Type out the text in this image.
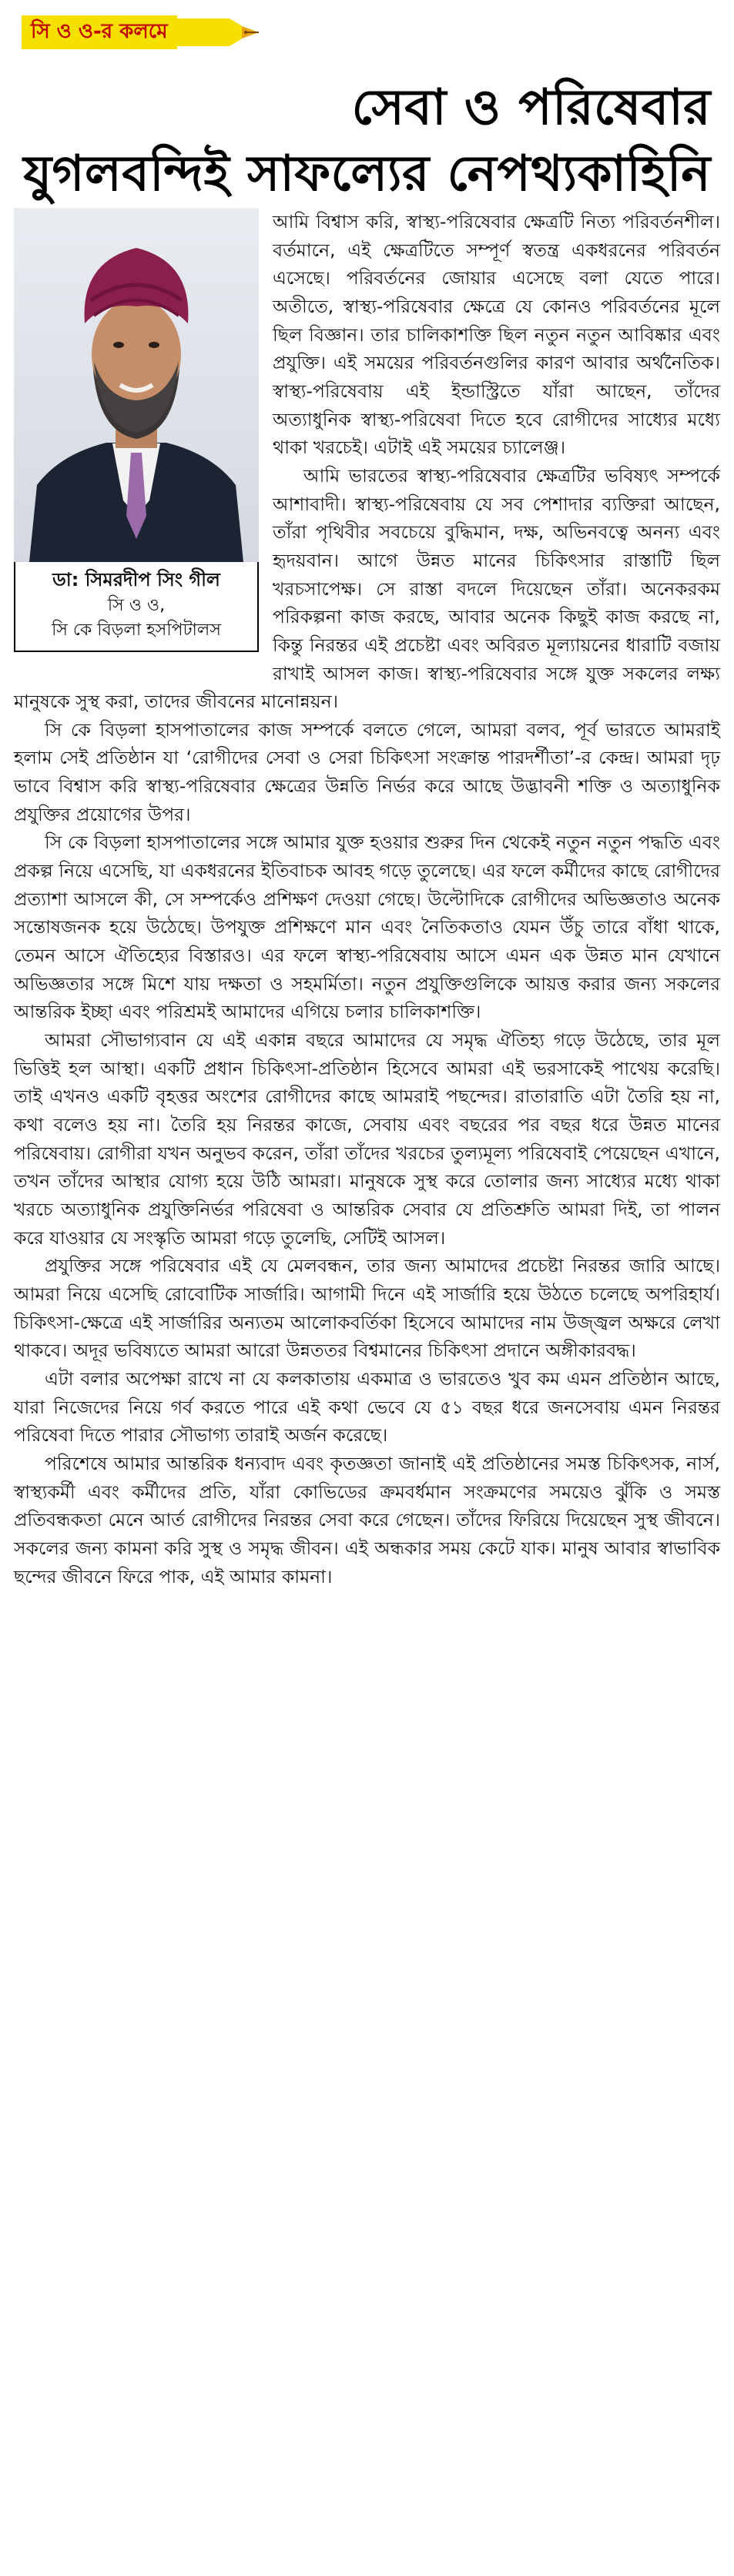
সি ও ও-র কলমে
সেবা ও পরিষেবার
যুগলবন্দিই সাফল্যের নেপথ্যকাহিনি
ডা: সিমরদীপ সিং গীল
সি ও ও,
সি কে বিড়লা হসপিটালস

আমি বিশ্বাস করি, স্বাস্থ্য-পরিষেবার ক্ষেত্রটি নিত্য পরিবর্তনশীল। বর্তমানে, এই ক্ষেত্রটিতে সম্পূর্ণ স্বতন্ত্র একধরনের পরিবর্তন এসেছে। পরিবর্তনের জোয়ার এসেছে বলা যেতে পারে। অতীতে, স্বাস্থ্য-পরিষেবার ক্ষেত্রে যে কোনও পরিবর্তনের মূলে ছিল বিজ্ঞান। তার চালিকাশক্তি ছিল নতুন নতুন আবিষ্কার এবং প্রযুক্তি। এই সময়ের পরিবর্তনগুলির কারণ আবার অর্থনৈতিক। স্বাস্থ্য-পরিষেবায় এই ইন্ডাস্ট্রিতে যাঁরা আছেন, তাঁদের অত্যাধুনিক স্বাস্থ্য-পরিষেবা দিতে হবে রোগীদের সাধ্যের মধ্যে থাকা খরচেই। এটাই এই সময়ের চ্যালেঞ্জ।

আমি ভারতের স্বাস্থ্য-পরিষেবার ক্ষেত্রটির ভবিষ্যৎ সম্পর্কে আশাবাদী। স্বাস্থ্য-পরিষেবায় যে সব পেশাদার ব্যক্তিরা আছেন, তাঁরা পৃথিবীর সবচেয়ে বুদ্ধিমান, দক্ষ, অভিনবত্বে অনন্য এবং হৃদয়বান। আগে উন্নত মানের চিকিৎসার রাস্তাটি ছিল খরচসাপেক্ষ। সে রাস্তা বদলে দিয়েছেন তাঁরা। অনেকরকম পরিকল্পনা কাজ করছে, আবার অনেক কিছুই কাজ করছে না, কিন্তু নিরন্তর এই প্রচেষ্টা এবং অবিরত মূল্যায়নের ধারাটি বজায় রাখাই আসল কাজ। স্বাস্থ্য-পরিষেবার সঙ্গে যুক্ত সকলের লক্ষ্য মানুষকে সুস্থ করা, তাদের জীবনের মানোন্নয়ন।

সি কে বিড়লা হাসপাতালের কাজ সম্পর্কে বলতে গেলে, আমরা বলব, পূর্ব ভারতে আমরাই হলাম সেই প্রতিষ্ঠান যা ‘রোগীদের সেবা ও সেরা চিকিৎসা সংক্রান্ত পারদর্শীতা’-র কেন্দ্র। আমরা দৃঢ় ভাবে বিশ্বাস করি স্বাস্থ্য-পরিষেবার ক্ষেত্রের উন্নতি নির্ভর করে আছে উদ্ভাবনী শক্তি ও অত্যাধুনিক প্রযুক্তির প্রয়োগের উপর।

সি কে বিড়লা হাসপাতালের সঙ্গে আমার যুক্ত হওয়ার শুরুর দিন থেকেই নতুন নতুন পদ্ধতি এবং প্রকল্প নিয়ে এসেছি, যা একধরনের ইতিবাচক আবহ গড়ে তুলেছে। এর ফলে কর্মীদের কাছে রোগীদের প্রত্যাশা আসলে কী, সে সম্পর্কেও প্রশিক্ষণ দেওয়া গেছে। উল্টোদিকে রোগীদের অভিজ্ঞতাও অনেক সন্তোষজনক হয়ে উঠেছে। উপযুক্ত প্রশিক্ষণে মান এবং নৈতিকতাও যেমন উঁচু তারে বাঁধা থাকে, তেমন আসে ঐতিহ্যের বিস্তারও। এর ফলে স্বাস্থ্য-পরিষেবায় আসে এমন এক উন্নত মান যেখানে অভিজ্ঞতার সঙ্গে মিশে যায় দক্ষতা ও সহমর্মিতা। নতুন প্রযুক্তিগুলিকে আয়ত্ত করার জন্য সকলের আন্তরিক ইচ্ছা এবং পরিশ্রমই আমাদের এগিয়ে চলার চালিকাশক্তি।

আমরা সৌভাগ্যবান যে এই একান্ন বছরে আমাদের যে সমৃদ্ধ ঐতিহ্য গড়ে উঠেছে, তার মূল ভিত্তিই হল আস্থা। একটি প্রধান চিকিৎসা-প্রতিষ্ঠান হিসেবে আমরা এই ভরসাকেই পাথেয় করেছি। তাই এখনও একটি বৃহত্তর অংশের রোগীদের কাছে আমরাই পছন্দের। রাতারাতি এটা তৈরি হয় না, কথা বলেও হয় না। তৈরি হয় নিরন্তর কাজে, সেবায় এবং বছরের পর বছর ধরে উন্নত মানের পরিষেবায়। রোগীরা যখন অনুভব করেন, তাঁরা তাঁদের খরচের তুল্যমূল্য পরিষেবাই পেয়েছেন এখানে, তখন তাঁদের আস্থার যোগ্য হয়ে উঠি আমরা। মানুষকে সুস্থ করে তোলার জন্য সাধ্যের মধ্যে থাকা খরচে অত্যাধুনিক প্রযুক্তিনির্ভর পরিষেবা ও আন্তরিক সেবার যে প্রতিশ্রুতি আমরা দিই, তা পালন করে যাওয়ার যে সংস্কৃতি আমরা গড়ে তুলেছি, সেটিই আসল।

প্রযুক্তির সঙ্গে পরিষেবার এই যে মেলবন্ধন, তার জন্য আমাদের প্রচেষ্টা নিরন্তর জারি আছে। আমরা নিয়ে এসেছি রোবোটিক সার্জারি। আগামী দিনে এই সার্জারি হয়ে উঠতে চলেছে অপরিহার্য। চিকিৎসা-ক্ষেত্রে এই সার্জারির অন্যতম আলোকবর্তিকা হিসেবে আমাদের নাম উজ্জ্বল অক্ষরে লেখা থাকবে। অদূর ভবিষ্যতে আমরা আরো উন্নততর বিশ্বমানের চিকিৎসা প্রদানে অঙ্গীকারবদ্ধ।

এটা বলার অপেক্ষা রাখে না যে কলকাতায় একমাত্র ও ভারতেও খুব কম এমন প্রতিষ্ঠান আছে, যারা নিজেদের নিয়ে গর্ব করতে পারে এই কথা ভেবে যে ৫১ বছর ধরে জনসেবায় এমন নিরন্তর পরিষেবা দিতে পারার সৌভাগ্য তারাই অর্জন করেছে।

পরিশেষে আমার আন্তরিক ধন্যবাদ এবং কৃতজ্ঞতা জানাই এই প্রতিষ্ঠানের সমস্ত চিকিৎসক, নার্স, স্বাস্থ্যকর্মী এবং কর্মীদের প্রতি, যাঁরা কোভিডের ক্রমবর্ধমান সংক্রমণের সময়েও ঝুঁকি ও সমস্ত প্রতিবন্ধকতা মেনে আর্ত রোগীদের নিরন্তর সেবা করে গেছেন। তাঁদের ফিরিয়ে দিয়েছেন সুস্থ জীবনে। সকলের জন্য কামনা করি সুস্থ ও সমৃদ্ধ জীবন। এই অন্ধকার সময় কেটে যাক। মানুষ আবার স্বাভাবিক ছন্দের জীবনে ফিরে পাক, এই আমার কামনা।
